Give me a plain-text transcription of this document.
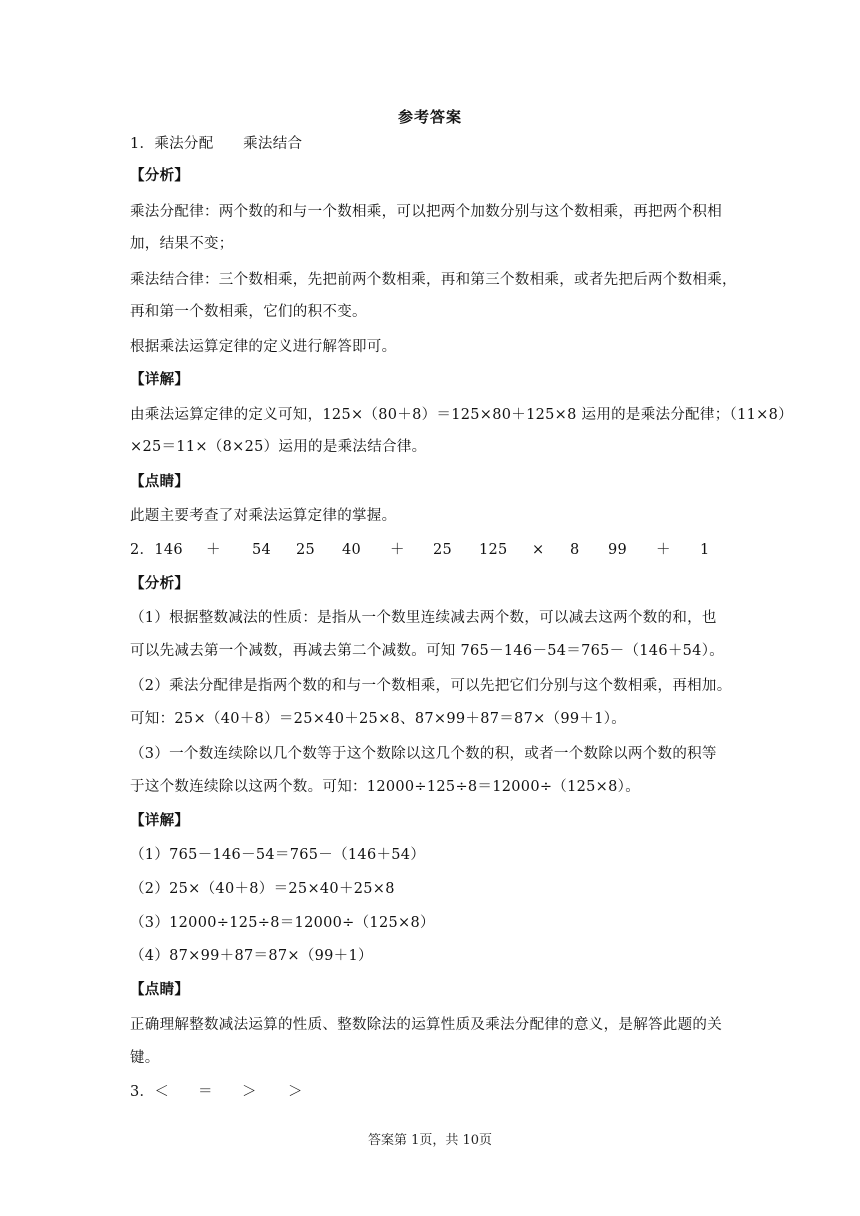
参考答案
1．乘法分配　　乘法结合
【分析】
乘法分配律：两个数的和与一个数相乘，可以把两个加数分别与这个数相乘，再把两个积相
加，结果不变；
乘法结合律：三个数相乘，先把前两个数相乘，再和第三个数相乘，或者先把后两个数相乘，
再和第一个数相乘，它们的积不变。
根据乘法运算定律的定义进行解答即可。
【详解】
由乘法运算定律的定义可知，125×（80＋8）＝125×80＋125×8 运用的是乘法分配律；（11×8）
×25＝11×（8×25）运用的是乘法结合律。
【点睛】
此题主要考查了对乘法运算定律的掌握。
2．146 ＋ 54 25 40 ＋ 25 125 × 8 99 ＋ 1
【分析】
（1）根据整数减法的性质：是指从一个数里连续减去两个数，可以减去这两个数的和，也
可以先减去第一个减数，再减去第二个减数。可知 765－146－54＝765－（146＋54）。
（2）乘法分配律是指两个数的和与一个数相乘，可以先把它们分别与这个数相乘，再相加。
可知：25×（40＋8）＝25×40＋25×8、87×99＋87＝87×（99＋1）。
（3）一个数连续除以几个数等于这个数除以这几个数的积，或者一个数除以两个数的积等
于这个数连续除以这两个数。可知：12000÷125÷8＝12000÷（125×8）。
【详解】
（1）765－146－54＝765－（146＋54）
（2）25×（40＋8）＝25×40＋25×8
（3）12000÷125÷8＝12000÷（125×8）
（4）87×99＋87＝87×（99＋1）
【点睛】
正确理解整数减法运算的性质、整数除法的运算性质及乘法分配律的意义，是解答此题的关
键。
3．＜ ＝ ＞ ＞
答案第 1页，共 10页
